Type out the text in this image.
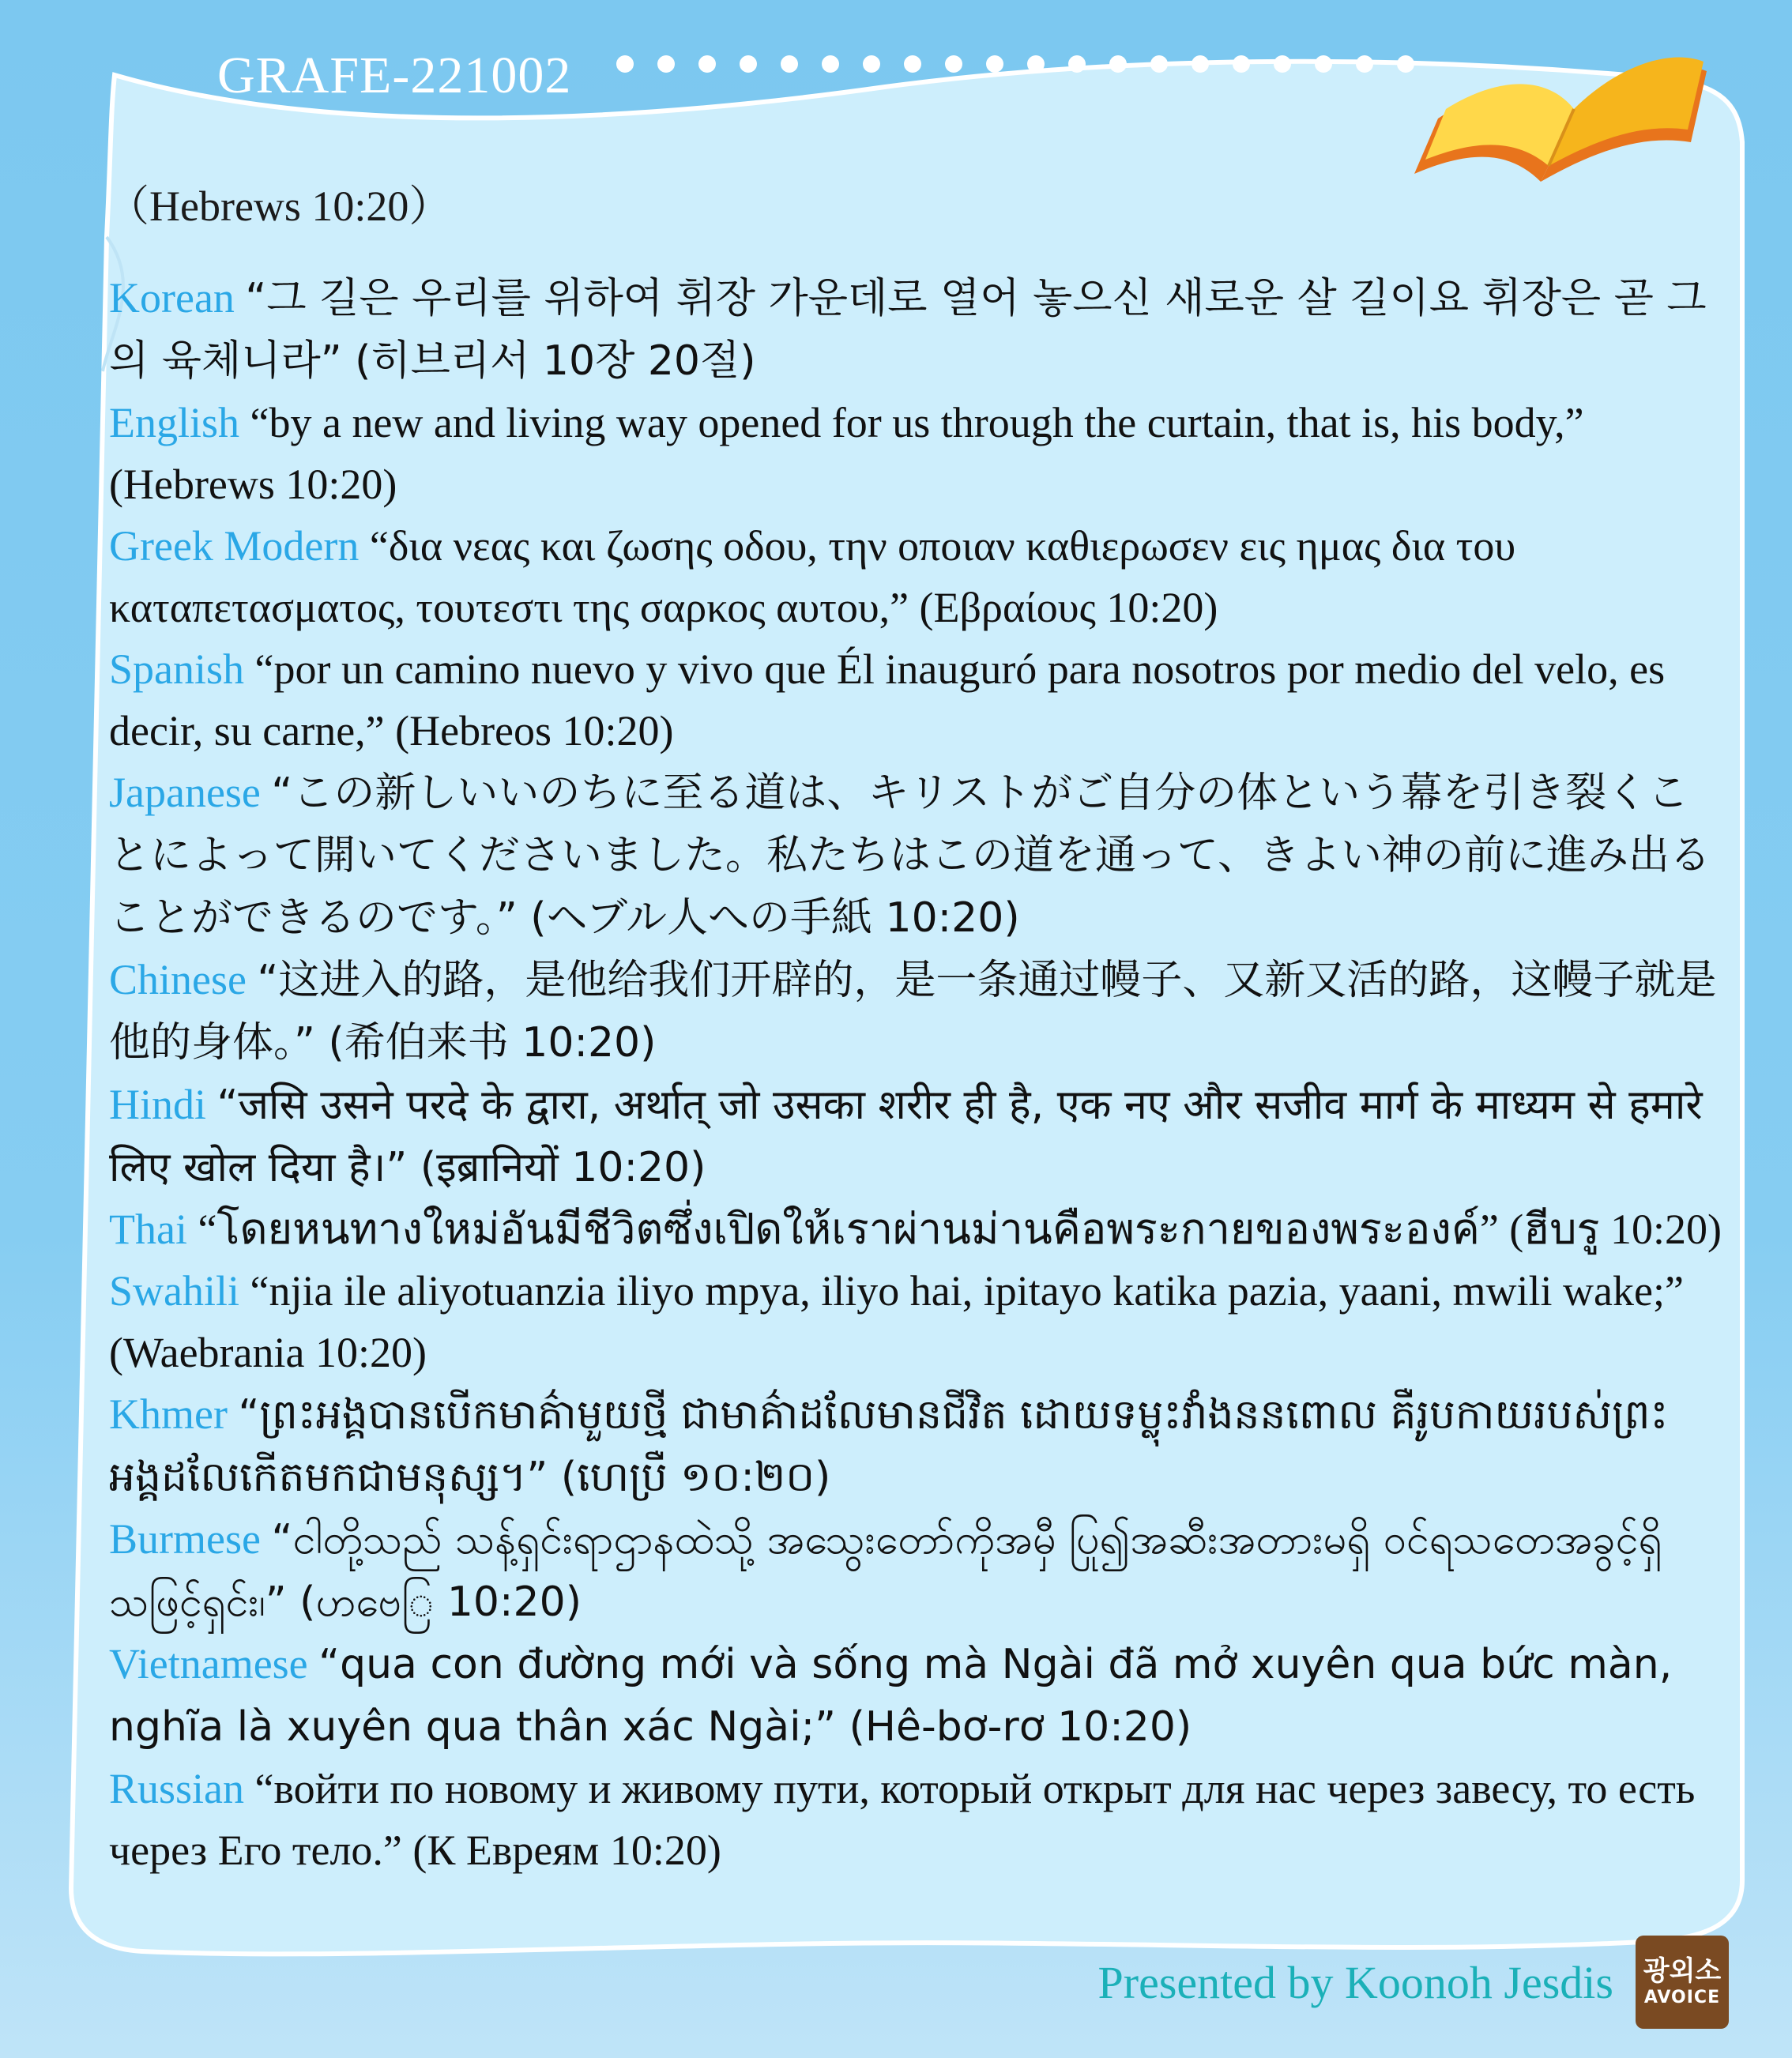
GRAFE-221002
（Hebrews 10:20）

Korean “그 길은 우리를 위하여 휘장 가운데로 열어 놓으신 새로운 살 길이요 휘장은 곧 그의 육체니라” (히브리서 10장 20절)

English “by a new and living way opened for us through the curtain, that is, his body,” (Hebrews 10:20)

Greek Modern “δια νεας και ζωσης οδου, την οποιαν καθιερωσεν εις ημας δια του καταπετασματος, τουτεστι της σαρκος αυτου,” (Εβραίους 10:20)

Spanish “por un camino nuevo y vivo que Él inauguró para nosotros por medio del velo, es decir, su carne,” (Hebreos 10:20)

Japanese “この新しいいのちに至る道は、キリストがご自分の体という幕を引き裂くことによって開いてくださいました。私たちはこの道を通って、きよい神の前に進み出ることができるのです。” (ヘブル人への手紙 10:20)

Chinese “这进入的路，是他给我们开辟的，是一条通过幔子、又新又活的路，这幔子就是他的身体。” (希伯来书 10:20)

Hindi “जसि उसने परदे के द्वारा, अर्थात् जो उसका शरीर ही है, एक नए और सजीव मार्ग के माध्यम से हमारे लिए खोल दिया है।” (इब्रानियों 10:20)

Thai “โดยหนทางใหม่อันมีชีวิตซึ่งเปิดให้เราผ่านม่านคือพระกายของพระองค์” (ฮีบรู 10:20)

Swahili “njia ile aliyotuanzia iliyo mpya, iliyo hai, ipitayo katika pazia, yaani, mwili wake;” (Waebrania 10:20)

Khmer “ព្រះអង្គបានបើកមាគ៌ាមួយថ្មី ជាមាគ៌ាដលែមានជីវិត ដោយទម្លុះវាំងននពោល គឺរូបកាយរបស់ព្រះអង្គដលែកើតមកជាមនុស្ស។” (ហេប្រឺ ១០:២០)

Burmese “ငါတို့သည် သန့်ရှင်းရာဌာနထဲသို့ အသွေးတော်ကိုအမှီ ပြု၍အဆီးအတားမရှိ ဝင်ရသတေအခွင့်ရှိသဖြင့်ရှင်း၊” (ဟဗေြ 10:20)

Vietnamese “qua con đường mới và sống mà Ngài đã mở xuyên qua bức màn, nghĩa là xuyên qua thân xác Ngài;” (Hê-bơ-rơ 10:20)

Russian “войти по новому и живому пути, который открыт для нас через завесу, то есть через Его тело.” (К Евреям 10:20)

Presented by Koonoh Jesdis 광외소
AVOICE
